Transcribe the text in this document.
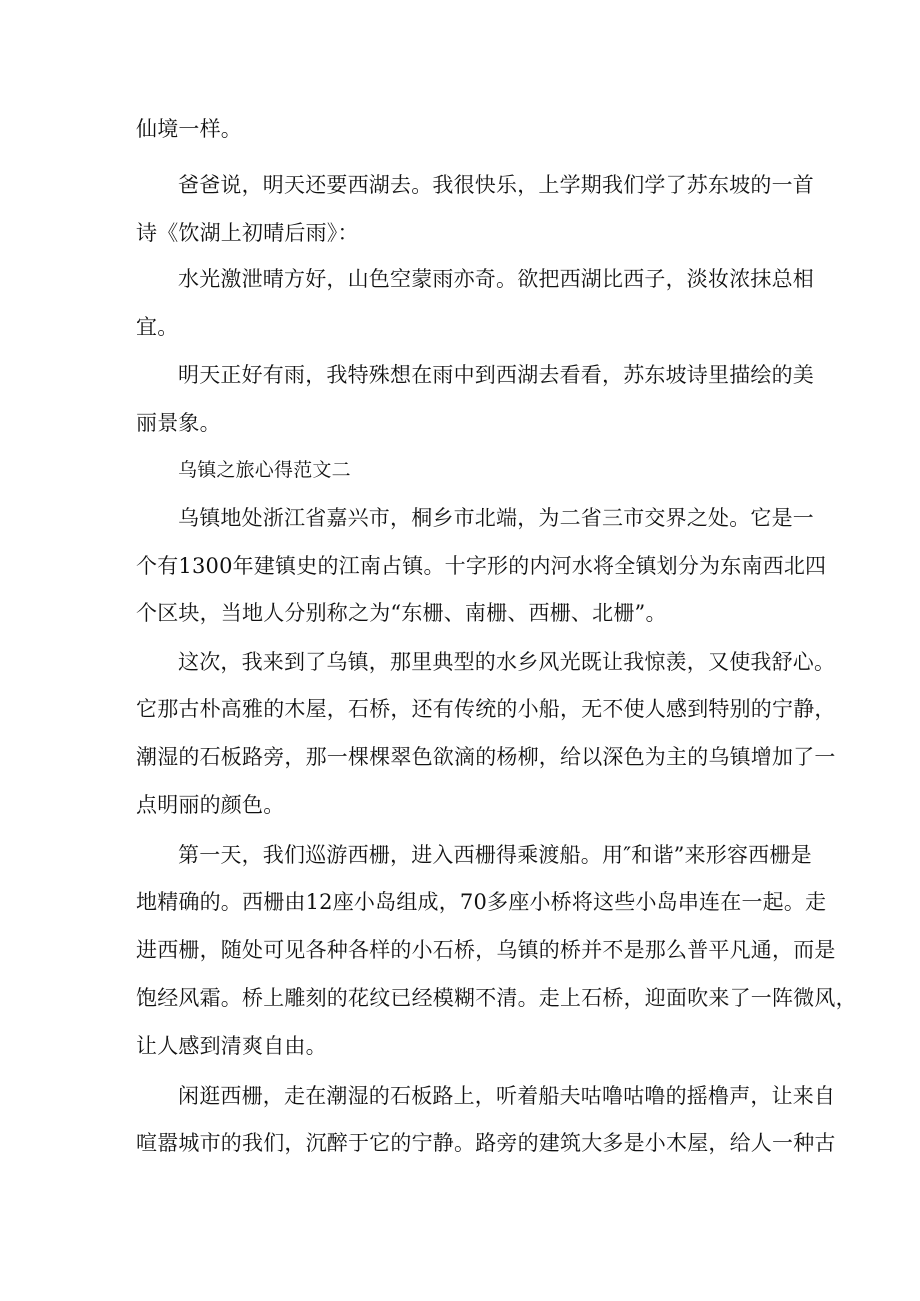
仙境一样。
爸爸说，明天还要西湖去。我很快乐，上学期我们学了苏东坡的一首
诗《饮湖上初晴后雨》：
水光激泄晴方好，山色空蒙雨亦奇。欲把西湖比西子，淡妆浓抹总相
宜。
明天正好有雨，我特殊想在雨中到西湖去看看，苏东坡诗里描绘的美
丽景象。
乌镇之旅心得范文二
乌镇地处浙江省嘉兴市，桐乡市北端，为二省三市交界之处。它是一
个有1300年建镇史的江南占镇。十字形的内河水将全镇划分为东南西北四
个区块，当地人分别称之为“东栅、南栅、西栅、北栅”。
这次，我来到了乌镇，那里典型的水乡风光既让我惊羡，又使我舒心。
它那古朴高雅的木屋，石桥，还有传统的小船，无不使人感到特别的宁静，
潮湿的石板路旁，那一棵棵翠色欲滴的杨柳，给以深色为主的乌镇增加了一
点明丽的颜色。
第一天，我们巡游西栅，进入西栅得乘渡船。用″和谐”来形容西栅是
地精确的。西栅由12座小岛组成，70多座小桥将这些小岛串连在一起。走
进西栅，随处可见各种各样的小石桥，乌镇的桥并不是那么普平凡通，而是
饱经风霜。桥上雕刻的花纹已经模糊不清。走上石桥，迎面吹来了一阵微风，
让人感到清爽自由。
闲逛西栅，走在潮湿的石板路上，听着船夫咕噜咕噜的摇橹声，让来自
喧嚣城市的我们，沉醉于它的宁静。路旁的建筑大多是小木屋，给人一种古
